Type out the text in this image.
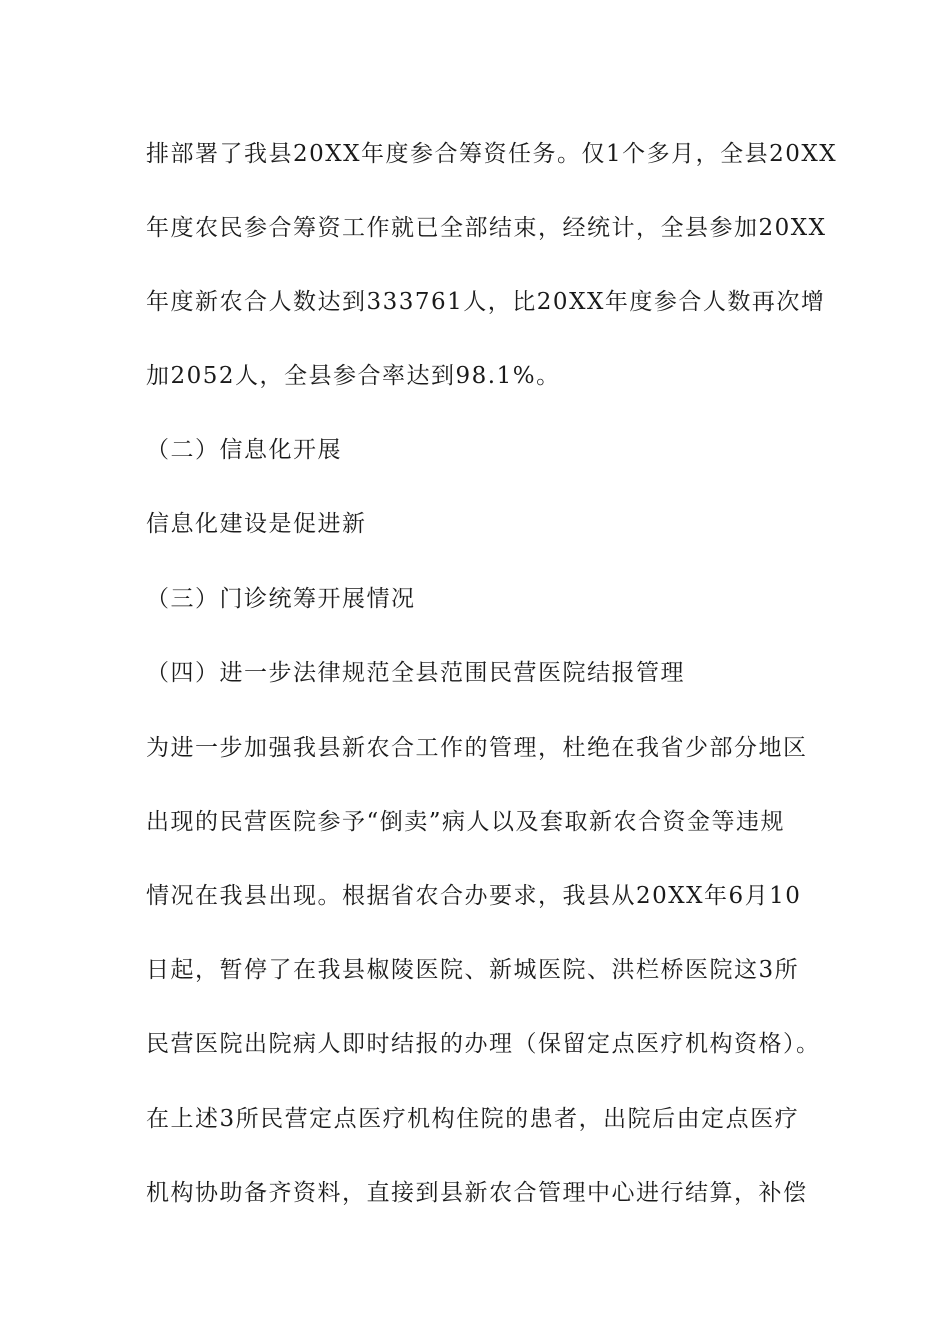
排部署了我县20XX年度参合筹资任务。仅1个多月，全县20XX
年度农民参合筹资工作就已全部结束，经统计，全县参加20XX
年度新农合人数达到333761人，比20XX年度参合人数再次增
加2052人，全县参合率达到98.1%。
（二）信息化开展
信息化建设是促进新
（三）门诊统筹开展情况
（四）进一步法律规范全县范围民营医院结报管理
为进一步加强我县新农合工作的管理，杜绝在我省少部分地区
出现的民营医院参予“倒卖”病人以及套取新农合资金等违规
情况在我县出现。根据省农合办要求，我县从20XX年6月10
日起，暂停了在我县椒陵医院、新城医院、洪栏桥医院这3所
民营医院出院病人即时结报的办理（保留定点医疗机构资格）。
在上述3所民营定点医疗机构住院的患者，出院后由定点医疗
机构协助备齐资料，直接到县新农合管理中心进行结算，补偿
